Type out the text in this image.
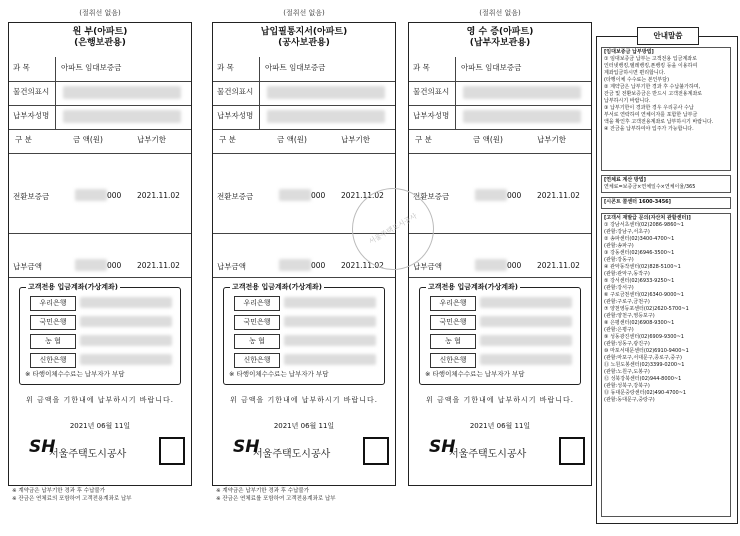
(절취선 없음)
원 부(아파트)
(은행보관용)
과 목	아파트 임대보증금
물건의표시
납부자성명
구 분	금 액(원)	납부기한
전환보증금	000 2021.11.02
납부금액	000 2021.11.02
고객전용 입금계좌(가상계좌)
우리은행
국민은행
농 협
신한은행
※ 타행이체수수료는 납부자가 부담
위 금액을 기한내에 납부하시기 바랍니다.
2021년 06월 11일
SH
서울주택도시공사
※ 계약금은 납부기한 경과 후 수납불가
※ 잔금은 연체료의 포함하여 고객전용계좌로 납부
(절취선 없음)
납입필통지서(아파트)
(공사보관용)
과 목	아파트 임대보증금
물건의표시
납부자성명
구 분	금 액(원)	납부기한
전환보증금	000 2021.11.02
납부금액	000 2021.11.02
고객전용 입금계좌(가상계좌)
우리은행
국민은행
농 협
신한은행
※ 타행이체수수료는 납부자가 부담
위 금액을 기한내에 납부하시기 바랍니다.
2021년 06월 11일
SH
서울주택도시공사
※ 계약금은 납부기한 경과 후 수납불가
※ 잔금은 연체료를 포함하여 고객전용계좌로 납부
(절취선 없음)
영 수 증(아파트)
(납부자보관용)
과 목	아파트 임대보증금
물건의표시
납부자성명
구 분	금 액(원)	납부기한
전환보증금	000 2021.11.02
납부금액	000 2021.11.02
고객전용 입금계좌(가상계좌)
우리은행
국민은행
농 협
신한은행
※ 타행이체수수료는 납부자가 부담
위 금액을 기한내에 납부하시기 바랍니다.
2021년 06월 11일
SH
서울주택도시공사
서울주택도시공사
안내말씀
[임대보증금 납부방법]
① 임대보증금 납부는 고객전용 입금계좌로
인터넷뱅킹,텔레뱅킹,폰뱅킹 등을 이용하여
계좌입금하시면 편리합니다.
(타행이체 수수료는 본인부담)
② 계약금은 납부기한 경과 후 수납불가하며,
잔금 및 전환보증금은 반드시 고객전용계좌로
납부하시기 바랍니다.
③ 납부기한이 경과한 경우 우리공사 수납
부서로 연락하여 연체이자를 포함한 납부금
액을 확인후 고객전용계좌로 납부하시기 바랍니다.
④ 잔금을 납부하여야 입주가 가능합니다.
[연체료 계산 방법]
연체료=보증금×연체일수×연체이율/365
[시콘트 콜센터 1600-3456]
[고객서 재발급 문의(자산처 관할센터)]
① 강남서초센터(02)2086-9860~1
(관할:강남구,서초구)
② 송파센터(02)3400-4700~1
(관할:송파구)
③ 강동센터(02)6946-3500~1
(관할:강동구)
④ 관악동작센터(02)828-5100~1
(관할:관악구,동작구)
⑤ 강서센터(02)6933-9250~1
(관할:강서구)
⑥ 구로금천센터(02)6340-9000~1
(관할:구로구,금천구)
⑦ 양천영등포센터(02)2620-5700~1
(관할:양천구,영등포구)
⑧ 은평센터(02)6908-9300~1
(관할:은평구)
⑨ 성동광진센터(02)6909-9300~1
(관할:성동구,광진구)
⑩ 마포서대문센터(02)6910-9400~1
(관할:마포구,서대문구,종로구,중구)
⑪ 노원도봉센터(02)3399-0200~1
(관할:노원구,도봉구)
⑫ 성북강북센터(02)944-8000~1
(관할:성북구,강북구)
⑬ 동대문중랑센터(02)490-4700~1
(관할:동대문구,중랑구)
